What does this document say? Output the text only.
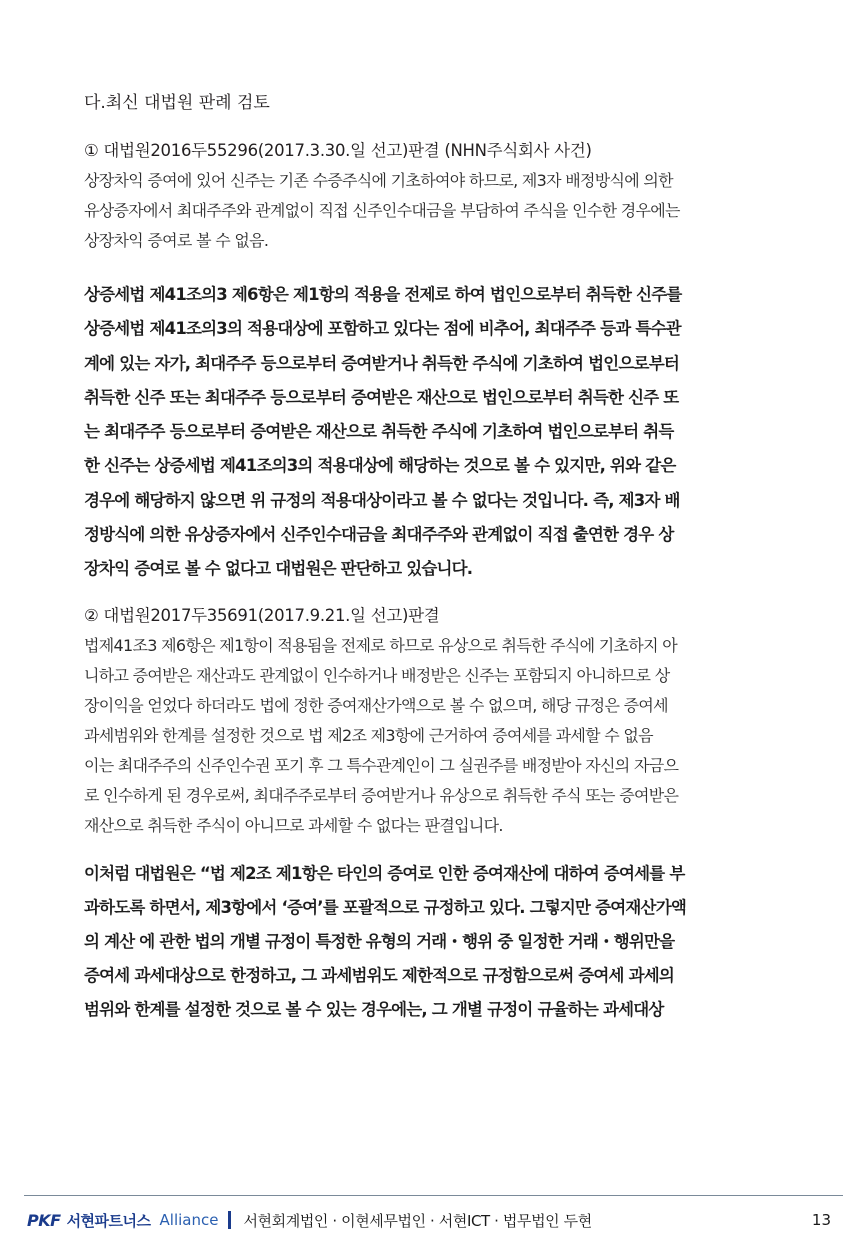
다.최신 대법원 판례 검토
① 대법원2016두55296(2017.3.30.일 선고)판결 (NHN주식회사 사건)
상장차익 증여에 있어 신주는 기존 수증주식에 기초하여야 하므로, 제3자 배정방식에 의한
유상증자에서 최대주주와 관계없이 직접 신주인수대금을 부담하여 주식을 인수한 경우에는
상장차익 증여로 볼 수 없음.
상증세법 제41조의3 제6항은 제1항의 적용을 전제로 하여 법인으로부터 취득한 신주를
상증세법 제41조의3의 적용대상에 포함하고 있다는 점에 비추어, 최대주주 등과 특수관
계에 있는 자가, 최대주주 등으로부터 증여받거나 취득한 주식에 기초하여 법인으로부터
취득한 신주 또는 최대주주 등으로부터 증여받은 재산으로 법인으로부터 취득한 신주 또
는 최대주주 등으로부터 증여받은 재산으로 취득한 주식에 기초하여 법인으로부터 취득
한 신주는 상증세법 제41조의3의 적용대상에 해당하는 것으로 볼 수 있지만, 위와 같은
경우에 해당하지 않으면 위 규정의 적용대상이라고 볼 수 없다는 것입니다. 즉, 제3자 배
정방식에 의한 유상증자에서 신주인수대금을 최대주주와 관계없이 직접 출연한 경우 상
장차익 증여로 볼 수 없다고 대법원은 판단하고 있습니다.
② 대법원2017두35691(2017.9.21.일 선고)판결
법제41조3 제6항은 제1항이 적용됨을 전제로 하므로 유상으로 취득한 주식에 기초하지 아
니하고 증여받은 재산과도 관계없이 인수하거나 배정받은 신주는 포함되지 아니하므로 상
장이익을 얻었다 하더라도 법에 정한 증여재산가액으로 볼 수 없으며, 해당 규정은 증여세
과세범위와 한계를 설정한 것으로 법 제2조 제3항에 근거하여 증여세를 과세할 수 없음
이는 최대주주의 신주인수권 포기 후 그 특수관계인이 그 실권주를 배정받아 자신의 자금으
로 인수하게 된 경우로써, 최대주주로부터 증여받거나 유상으로 취득한 주식 또는 증여받은
재산으로 취득한 주식이 아니므로 과세할 수 없다는 판결입니다.
이처럼 대법원은 “법 제2조 제1항은 타인의 증여로 인한 증여재산에 대하여 증여세를 부
과하도록 하면서, 제3항에서 ‘증여’를 포괄적으로 규정하고 있다. 그렇지만 증여재산가액
의 계산 에 관한 법의 개별 규정이 특정한 유형의 거래・행위 중 일정한 거래・행위만을
증여세 과세대상으로 한정하고, 그 과세범위도 제한적으로 규정함으로써 증여세 과세의
범위와 한계를 설정한 것으로 볼 수 있는 경우에는, 그 개별 규정이 규율하는 과세대상
PKF 서현파트너스 Alliance 서현회계법인 · 이현세무법인 · 서현ICT · 법무법인 두현	13
